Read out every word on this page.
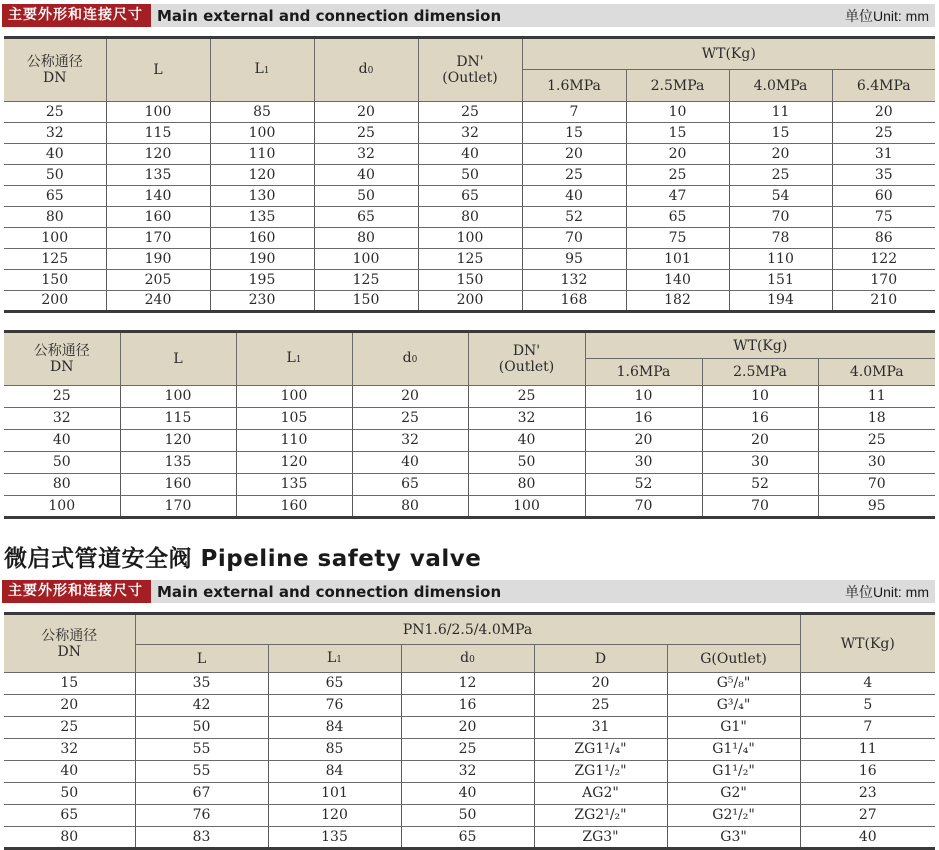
主要外形和连接尺寸 Main external and connection dimension	单位Unit: mm
公称通径
DN	L	L1	d0	DN'
(Outlet)	WT(Kg)			
					1.6MPa	2.5MPa	4.0MPa	6.4MPa
25	100	85	20	25	7	10	11	20
32	115	100	25	32	15	15	15	25
40	120	110	32	40	20	20	20	31
50	135	120	40	50	25	25	25	35
65	140	130	50	65	40	47	54	60
80	160	135	65	80	52	65	70	75
100	170	160	80	100	70	75	78	86
125	190	190	100	125	95	101	110	122
150	205	195	125	150	132	140	151	170
200	240	230	150	200	168	182	194	210
公称通径
DN	L	L1	d0	DN'
(Outlet)	WT(Kg)		
					1.6MPa	2.5MPa	4.0MPa
25	100	100	20	25	10	10	11
32	115	105	25	32	16	16	18
40	120	110	32	40	20	20	25
50	135	120	40	50	30	30	30
80	160	135	65	80	52	52	70
100	170	160	80	100	70	70	95
微启式管道安全阀 Pipeline safety valve
主要外形和连接尺寸 Main external and connection dimension	单位Unit: mm
公称通径
DN	PN1.6/2.5/4.0MPa					WT(Kg)
	L	L1	d0	D	G(Outlet)	
15	35	65	12	20	G⁵/₈"	4
20	42	76	16	25	G³/₄"	5
25	50	84	20	31	G1"	7
32	55	85	25	ZG1¹/₄"	G1¹/₄"	11
40	55	84	32	ZG1¹/₂"	G1¹/₂"	16
50	67	101	40	AG2"	G2"	23
65	76	120	50	ZG2¹/₂"	G2¹/₂"	27
80	83	135	65	ZG3"	G3"	40
